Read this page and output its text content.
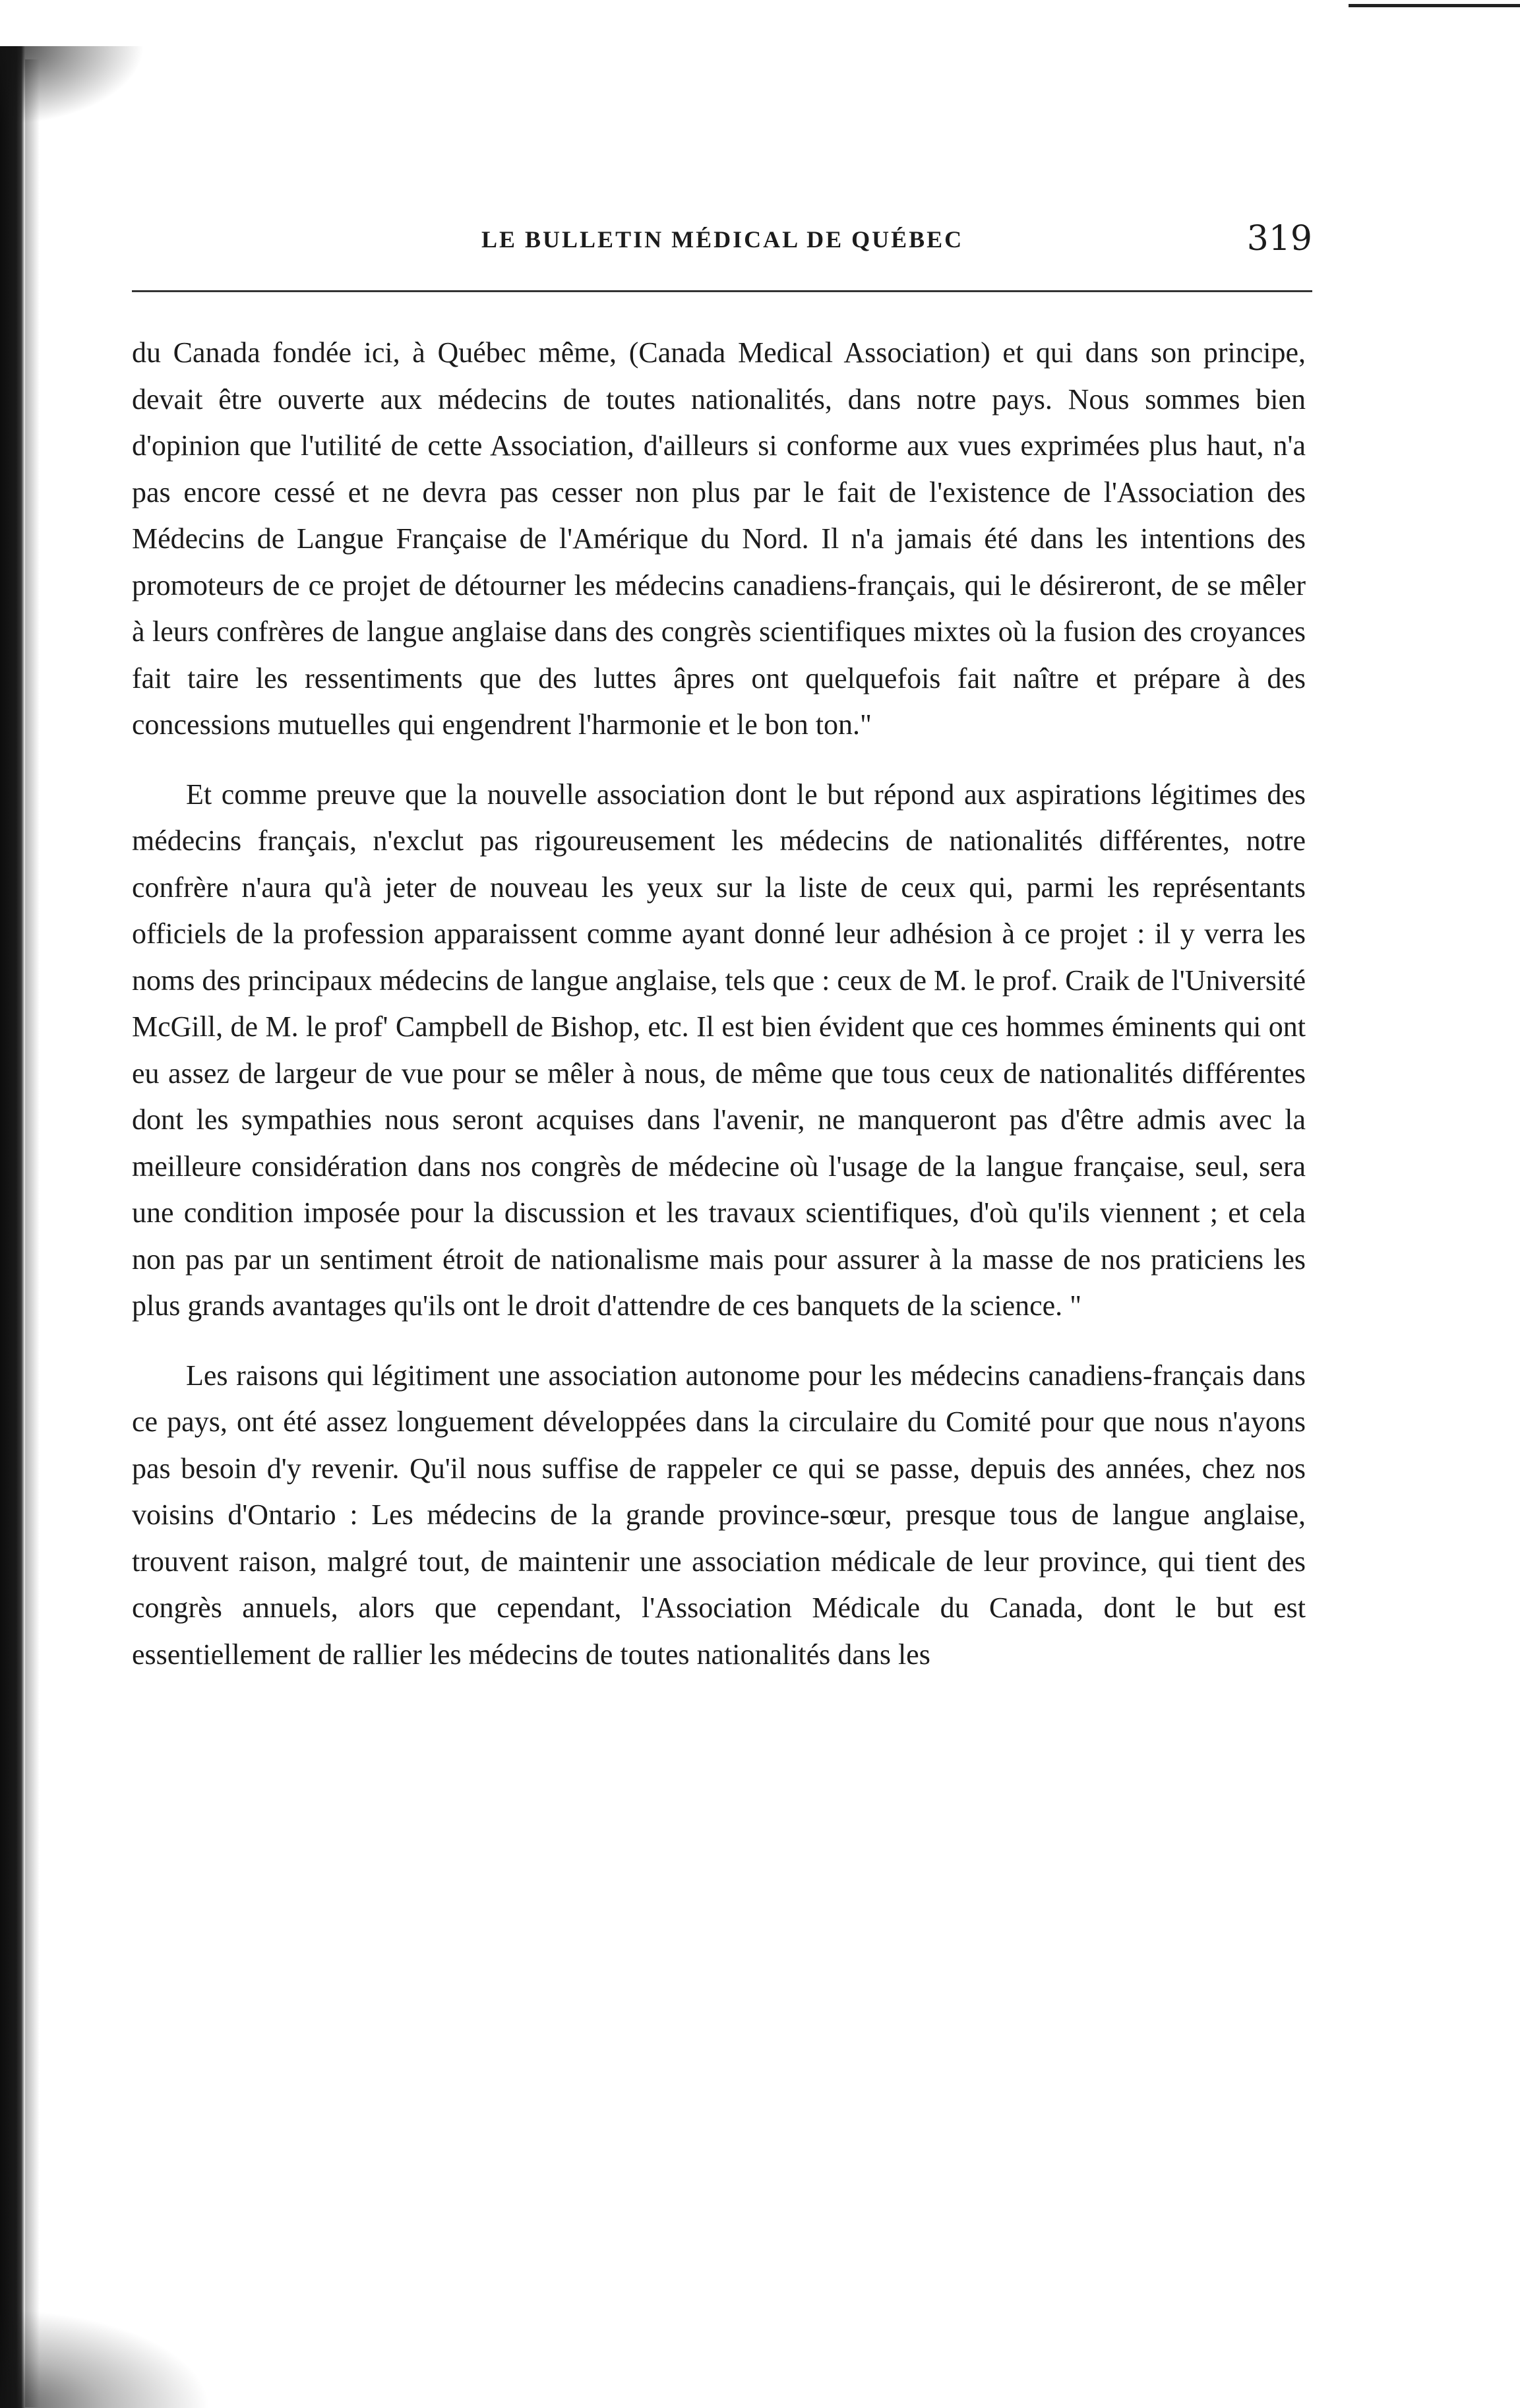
LE BULLETIN MÉDICAL DE QUÉBEC	319

du Canada fondée ici, à Québec même, (Canada Medical Association) et qui dans son principe, devait être ouverte aux médecins de toutes nationalités, dans notre pays. Nous sommes bien d'opinion que l'utilité de cette Association, d'ailleurs si conforme aux vues exprimées plus haut, n'a pas encore cessé et ne devra pas cesser non plus par le fait de l'existence de l'Association des Médecins de Langue Française de l'Amérique du Nord. Il n'a jamais été dans les intentions des promoteurs de ce projet de détourner les médecins canadiens-français, qui le désireront, de se mêler à leurs confrères de langue anglaise dans des congrès scientifiques mixtes où la fusion des croyances fait taire les ressentiments que des luttes âpres ont quelquefois fait naître et prépare à des concessions mutuelles qui engendrent l'harmonie et le bon ton."

Et comme preuve que la nouvelle association dont le but répond aux aspirations légitimes des médecins français, n'exclut pas rigoureusement les médecins de nationalités différentes, notre confrère n'aura qu'à jeter de nouveau les yeux sur la liste de ceux qui, parmi les représentants officiels de la profession apparaissent comme ayant donné leur adhésion à ce projet : il y verra les noms des principaux médecins de langue anglaise, tels que : ceux de M. le prof. Craik de l'Université McGill, de M. le prof' Campbell de Bishop, etc. Il est bien évident que ces hommes éminents qui ont eu assez de largeur de vue pour se mêler à nous, de même que tous ceux de nationalités différentes dont les sympathies nous seront acquises dans l'avenir, ne manqueront pas d'être admis avec la meilleure considération dans nos congrès de médecine où l'usage de la langue française, seul, sera une condition imposée pour la discussion et les travaux scientifiques, d'où qu'ils viennent ; et cela non pas par un sentiment étroit de nationalisme mais pour assurer à la masse de nos praticiens les plus grands avantages qu'ils ont le droit d'attendre de ces banquets de la science. "

Les raisons qui légitiment une association autonome pour les médecins canadiens-français dans ce pays, ont été assez longuement développées dans la circulaire du Comité pour que nous n'ayons pas besoin d'y revenir. Qu'il nous suffise de rappeler ce qui se passe, depuis des années, chez nos voisins d'Ontario : Les médecins de la grande province-sœur, presque tous de langue anglaise, trouvent raison, malgré tout, de maintenir une association médicale de leur province, qui tient des congrès annuels, alors que cependant, l'Association Médicale du Canada, dont le but est essentiellement de rallier les médecins de toutes nationalités dans les
